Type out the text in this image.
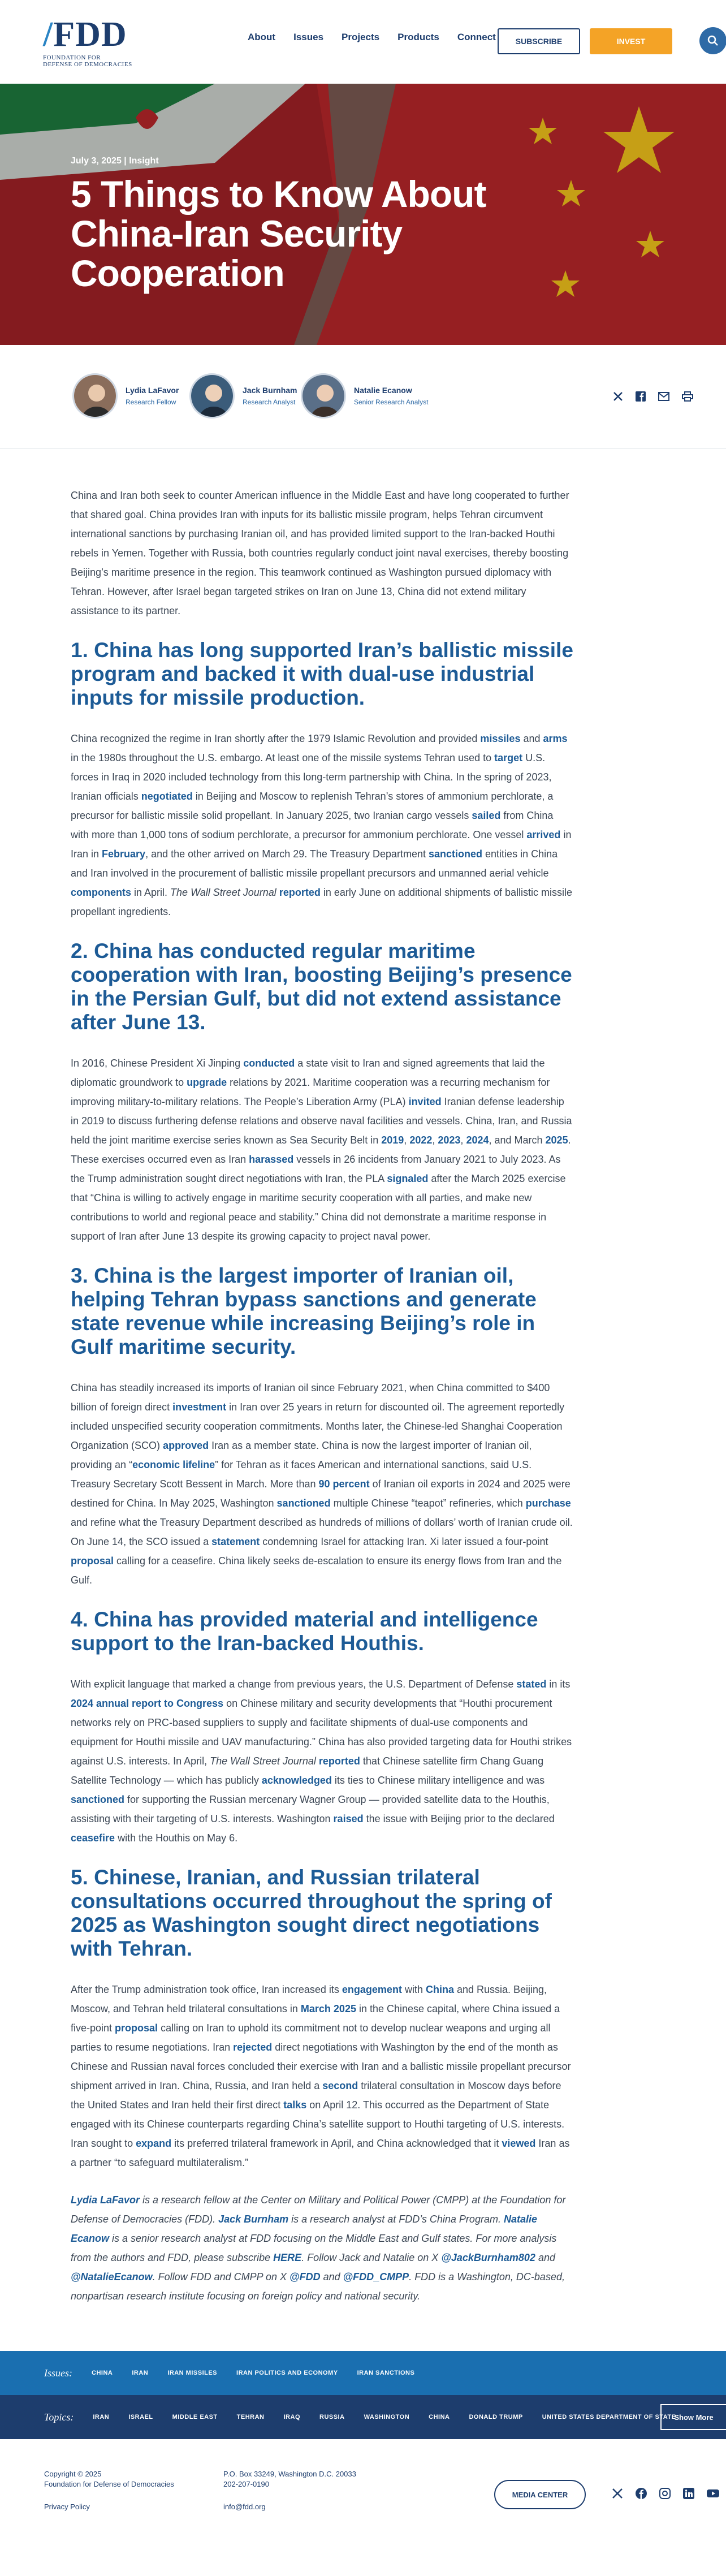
/FDD
FOUNDATION FOR
DEFENSE OF DEMOCRACIES
About Issues Projects Products Connect	SUBSCRIBE	INVEST
July 3, 2025 | Insight
5 Things to Know About China-Iran Security Cooperation
Lydia LaFavor
Research Fellow
Jack Burnham
Research Analyst
Natalie Ecanow
Senior Research Analyst

China and Iran both seek to counter American influence in the Middle East and have long cooperated to further that shared goal. China provides Iran with inputs for its ballistic missile program, helps Tehran circumvent international sanctions by purchasing Iranian oil, and has provided limited support to the Iran-backed Houthi rebels in Yemen. Together with Russia, both countries regularly conduct joint naval exercises, thereby boosting Beijing’s maritime presence in the region. This teamwork continued as Washington pursued diplomacy with Tehran. However, after Israel began targeted strikes on Iran on June 13, China did not extend military assistance to its partner.

1. China has long supported Iran’s ballistic missile program and backed it with dual-use industrial inputs for missile production.

China recognized the regime in Iran shortly after the 1979 Islamic Revolution and provided missiles and arms in the 1980s throughout the U.S. embargo. At least one of the missile systems Tehran used to target U.S. forces in Iraq in 2020 included technology from this long-term partnership with China. In the spring of 2023, Iranian officials negotiated in Beijing and Moscow to replenish Tehran’s stores of ammonium perchlorate, a precursor for ballistic missile solid propellant. In January 2025, two Iranian cargo vessels sailed from China with more than 1,000 tons of sodium perchlorate, a precursor for ammonium perchlorate. One vessel arrived in Iran in February, and the other arrived on March 29. The Treasury Department sanctioned entities in China and Iran involved in the procurement of ballistic missile propellant precursors and unmanned aerial vehicle components in April. The Wall Street Journal reported in early June on additional shipments of ballistic missile propellant ingredients.

2. China has conducted regular maritime cooperation with Iran, boosting Beijing’s presence in the Persian Gulf, but did not extend assistance after June 13.

In 2016, Chinese President Xi Jinping conducted a state visit to Iran and signed agreements that laid the diplomatic groundwork to upgrade relations by 2021. Maritime cooperation was a recurring mechanism for improving military-to-military relations. The People’s Liberation Army (PLA) invited Iranian defense leadership in 2019 to discuss furthering defense relations and observe naval facilities and vessels. China, Iran, and Russia held the joint maritime exercise series known as Sea Security Belt in 2019, 2022, 2023, 2024, and March 2025. These exercises occurred even as Iran harassed vessels in 26 incidents from January 2021 to July 2023. As the Trump administration sought direct negotiations with Iran, the PLA signaled after the March 2025 exercise that “China is willing to actively engage in maritime security cooperation with all parties, and make new contributions to world and regional peace and stability.” China did not demonstrate a maritime response in support of Iran after June 13 despite its growing capacity to project naval power.

3. China is the largest importer of Iranian oil, helping Tehran bypass sanctions and generate state revenue while increasing Beijing’s role in Gulf maritime security.

China has steadily increased its imports of Iranian oil since February 2021, when China committed to $400 billion of foreign direct investment in Iran over 25 years in return for discounted oil. The agreement reportedly included unspecified security cooperation commitments. Months later, the Chinese-led Shanghai Cooperation Organization (SCO) approved Iran as a member state. China is now the largest importer of Iranian oil, providing an “economic lifeline” for Tehran as it faces American and international sanctions, said U.S. Treasury Secretary Scott Bessent in March. More than 90 percent of Iranian oil exports in 2024 and 2025 were destined for China. In May 2025, Washington sanctioned multiple Chinese “teapot” refineries, which purchase and refine what the Treasury Department described as hundreds of millions of dollars’ worth of Iranian crude oil. On June 14, the SCO issued a statement condemning Israel for attacking Iran. Xi later issued a four-point proposal calling for a ceasefire. China likely seeks de-escalation to ensure its energy flows from Iran and the Gulf.

4. China has provided material and intelligence support to the Iran-backed Houthis.

With explicit language that marked a change from previous years, the U.S. Department of Defense stated in its 2024 annual report to Congress on Chinese military and security developments that “Houthi procurement networks rely on PRC-based suppliers to supply and facilitate shipments of dual-use components and equipment for Houthi missile and UAV manufacturing.” China has also provided targeting data for Houthi strikes against U.S. interests. In April, The Wall Street Journal reported that Chinese satellite firm Chang Guang Satellite Technology — which has publicly acknowledged its ties to Chinese military intelligence and was sanctioned for supporting the Russian mercenary Wagner Group — provided satellite data to the Houthis, assisting with their targeting of U.S. interests. Washington raised the issue with Beijing prior to the declared ceasefire with the Houthis on May 6.

5. Chinese, Iranian, and Russian trilateral consultations occurred throughout the spring of 2025 as Washington sought direct negotiations with Tehran.

After the Trump administration took office, Iran increased its engagement with China and Russia. Beijing, Moscow, and Tehran held trilateral consultations in March 2025 in the Chinese capital, where China issued a five-point proposal calling on Iran to uphold its commitment not to develop nuclear weapons and urging all parties to resume negotiations. Iran rejected direct negotiations with Washington by the end of the month as Chinese and Russian naval forces concluded their exercise with Iran and a ballistic missile propellant precursor shipment arrived in Iran. China, Russia, and Iran held a second trilateral consultation in Moscow days before the United States and Iran held their first direct talks on April 12. This occurred as the Department of State engaged with its Chinese counterparts regarding China’s satellite support to Houthi targeting of U.S. interests. Iran sought to expand its preferred trilateral framework in April, and China acknowledged that it viewed Iran as a partner “to safeguard multilateralism.”

Lydia LaFavor is a research fellow at the Center on Military and Political Power (CMPP) at the Foundation for Defense of Democracies (FDD). Jack Burnham is a research analyst at FDD’s China Program. Natalie Ecanow is a senior research analyst at FDD focusing on the Middle East and Gulf states. For more analysis from the authors and FDD, please subscribe HERE. Follow Jack and Natalie on X @JackBurnham802 and @NatalieEcanow. Follow FDD and CMPP on X @FDD and @FDD_CMPP. FDD is a Washington, DC-based, nonpartisan research institute focusing on foreign policy and national security.

Issues:	CHINA	IRAN	IRAN MISSILES	IRAN POLITICS AND ECONOMY	IRAN SANCTIONS
Topics:	IRAN	ISRAEL	MIDDLE EAST	TEHRAN	IRAQ	RUSSIA	WASHINGTON	CHINA	DONALD TRUMP	UNITED STATES DEPARTMENT OF STATE
Show More
Copyright © 2025
Foundation for Defense of Democracies
Privacy Policy
P.O. Box 33249, Washington D.C. 20033
202-207-0190
info@fdd.org
MEDIA CENTER
